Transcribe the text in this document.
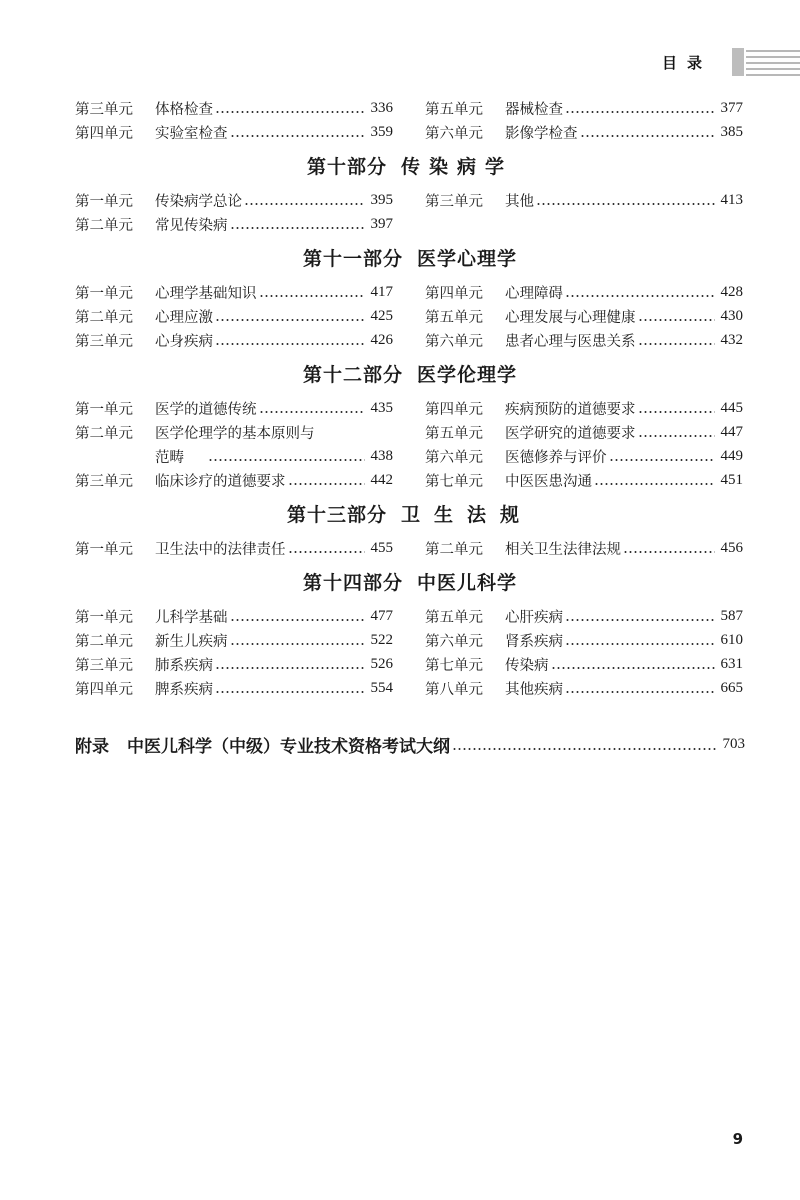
目录
第三单元	体格检查	336 第五单元	器械检查	377
第四单元	实验室检查	359 第六单元	影像学检查	385
第十部分 传染病学
第一单元	传染病学总论	395 第三单元	其他	413
第二单元	常见传染病	397
第十一部分 医学心理学
第一单元	心理学基础知识	417 第四单元	心理障碍	428
第二单元	心理应激	425 第五单元	心理发展与心理健康	430
第三单元	心身疾病	426 第六单元	患者心理与医患关系	432
第十二部分 医学伦理学
第一单元	医学的道德传统	435 第四单元	疾病预防的道德要求	445
第二单元	医学伦理学的基本原则与	第五单元	医学研究的道德要求	447
范畴	438 第六单元	医德修养与评价	449
第三单元	临床诊疗的道德要求	442 第七单元	中医医患沟通	451
第十三部分 卫生法规
第一单元	卫生法中的法律责任	455 第二单元	相关卫生法律法规	456
第十四部分 中医儿科学
第一单元	儿科学基础	477 第五单元	心肝疾病	587
第二单元	新生儿疾病	522 第六单元	肾系疾病	610
第三单元	肺系疾病	526 第七单元	传染病	631
第四单元	脾系疾病	554 第八单元	其他疾病	665
附录 中医儿科学（中级）专业技术资格考试大纲	703
9
